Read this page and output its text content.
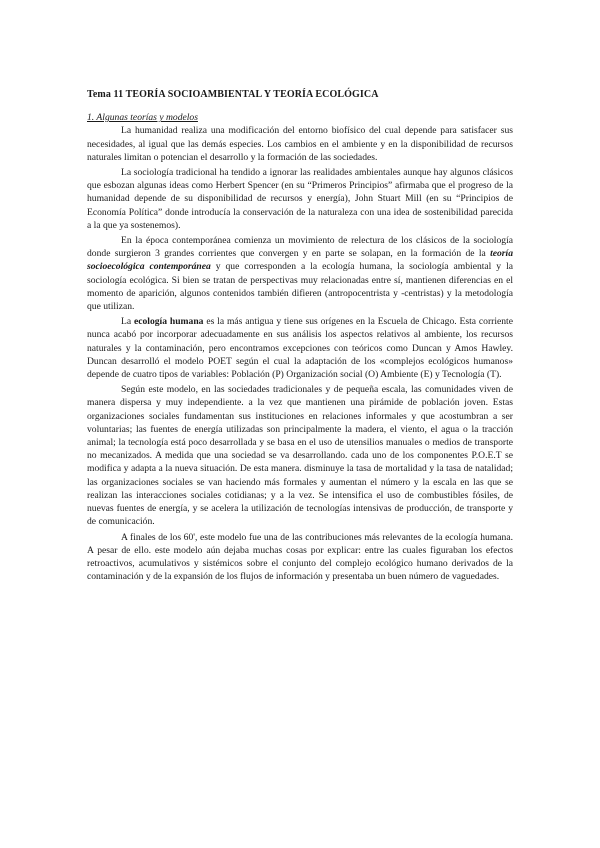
Tema 11 TEORÍA SOCIOAMBIENTAL Y TEORÍA ECOLÓGICA
1. Algunas teorías y modelos

La humanidad realiza una modificación del entorno biofísico del cual depende para satisfacer sus necesidades, al igual que las demás especies. Los cambios en el ambiente y en la disponibilidad de recursos naturales limitan o potencian el desarrollo y la formación de las sociedades.

La sociología tradicional ha tendido a ignorar las realidades ambientales aunque hay algunos clásicos que esbozan algunas ideas como Herbert Spencer (en su “Primeros Principios” afirmaba que el progreso de la humanidad depende de su disponibilidad de recursos y energía), John Stuart Mill (en su “Principios de Economía Política” donde introducía la conservación de la naturaleza con una idea de sostenibilidad parecida a la que ya sostenemos).

En la época contemporánea comienza un movimiento de relectura de los clásicos de la sociología donde surgieron 3 grandes corrientes que convergen y en parte se solapan, en la formación de la teoría socioecológica contemporánea y que corresponden a la ecología humana, la sociología ambiental y la sociología ecológica. Si bien se tratan de perspectivas muy relacionadas entre sí, mantienen diferencias en el momento de aparición, algunos contenidos también difieren (antropocentrista y -centristas) y la metodología que utilizan.

La ecología humana es la más antigua y tiene sus orígenes en la Escuela de Chicago. Esta corriente nunca acabó por incorporar adecuadamente en sus análisis los aspectos relativos al ambiente, los recursos naturales y la contaminación, pero encontramos excepciones con teóricos como Duncan y Amos Hawley. Duncan desarrolló el modelo POET según el cual la adaptación de los «complejos ecológicos humanos» depende de cuatro tipos de variables: Población (P) Organización social (O) Ambiente (E) y Tecnología (T).

Según este modelo, en las sociedades tradicionales y de pequeña escala, las comunidades viven de manera dispersa y muy independiente. a la vez que mantienen una pirámide de población joven. Estas organizaciones sociales fundamentan sus instituciones en relaciones informales y que acostumbran a ser voluntarias; las fuentes de energía utilizadas son principalmente la madera, el viento, el agua o la tracción animal; la tecnología está poco desarrollada y se basa en el uso de utensilios manuales o medios de transporte no mecanizados. A medida que una sociedad se va desarrollando. cada uno de los componentes P.O.E.T se modifica y adapta a la nueva situación. De esta manera. disminuye la tasa de mortalidad y la tasa de natalidad; las organizaciones sociales se van haciendo más formales y aumentan el número y la escala en las que se realizan las interacciones sociales cotidianas; y a la vez. Se intensifica el uso de combustibles fósiles, de nuevas fuentes de energía, y se acelera la utilización de tecnologías intensivas de producción, de transporte y de comunicación.

A finales de los 60', este modelo fue una de las contribuciones más relevantes de la ecología humana. A pesar de ello. este modelo aún dejaba muchas cosas por explicar: entre las cuales figuraban los efectos retroactivos, acumulativos y sistémicos sobre el conjunto del complejo ecológico humano derivados de la contaminación y de la expansión de los flujos de información y presentaba un buen número de vaguedades.
